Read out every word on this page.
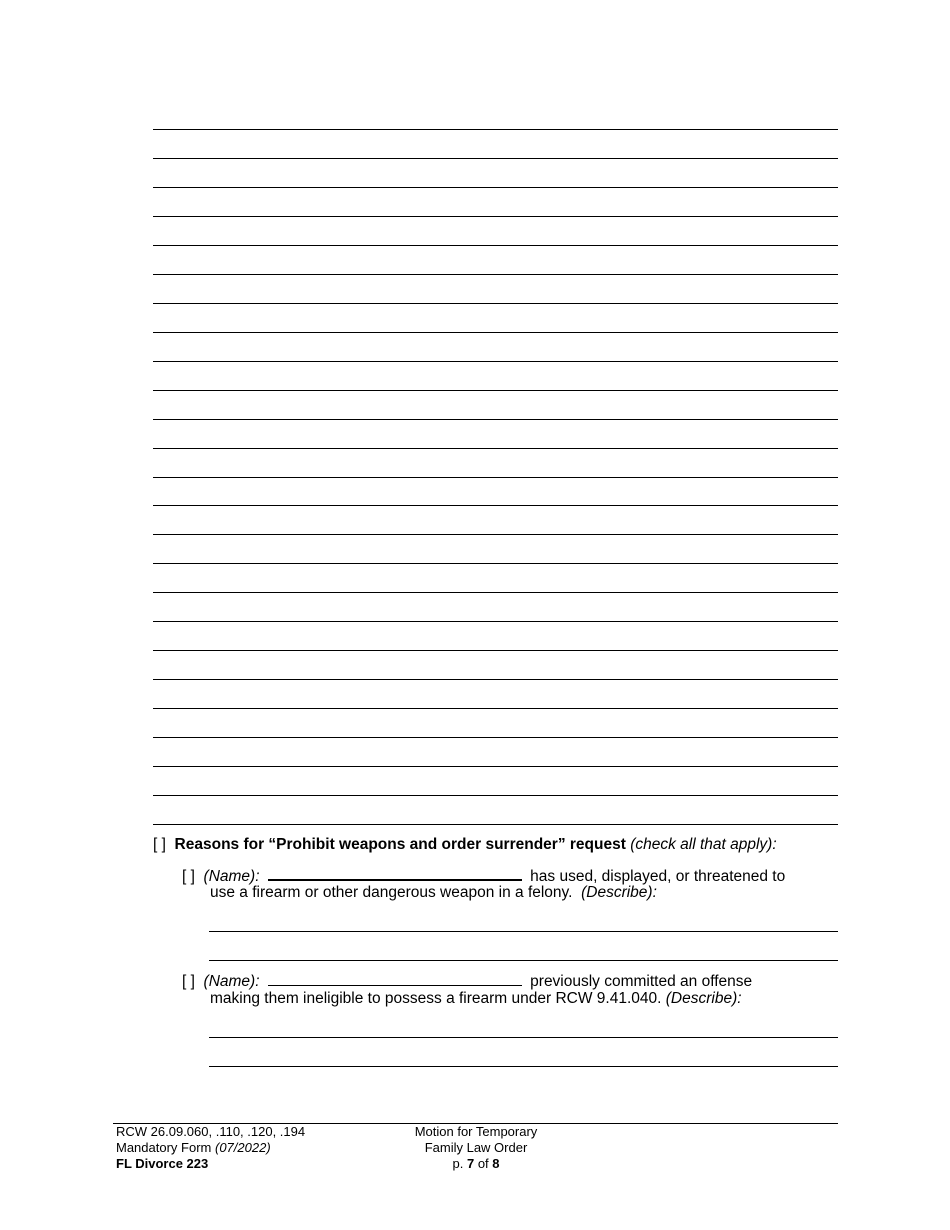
[ ] Reasons for “Prohibit weapons and order surrender” request (check all that apply):
[ ] (Name):	has used, displayed, or threatened to
use a firearm or other dangerous weapon in a felony. (Describe):
[ ] (Name):	previously committed an offense
making them ineligible to possess a firearm under RCW 9.41.040. (Describe):
RCW 26.09.060, .110, .120, .194
Mandatory Form (07/2022)
FL Divorce 223
Motion for Temporary
Family Law Order
p. 7 of 8
